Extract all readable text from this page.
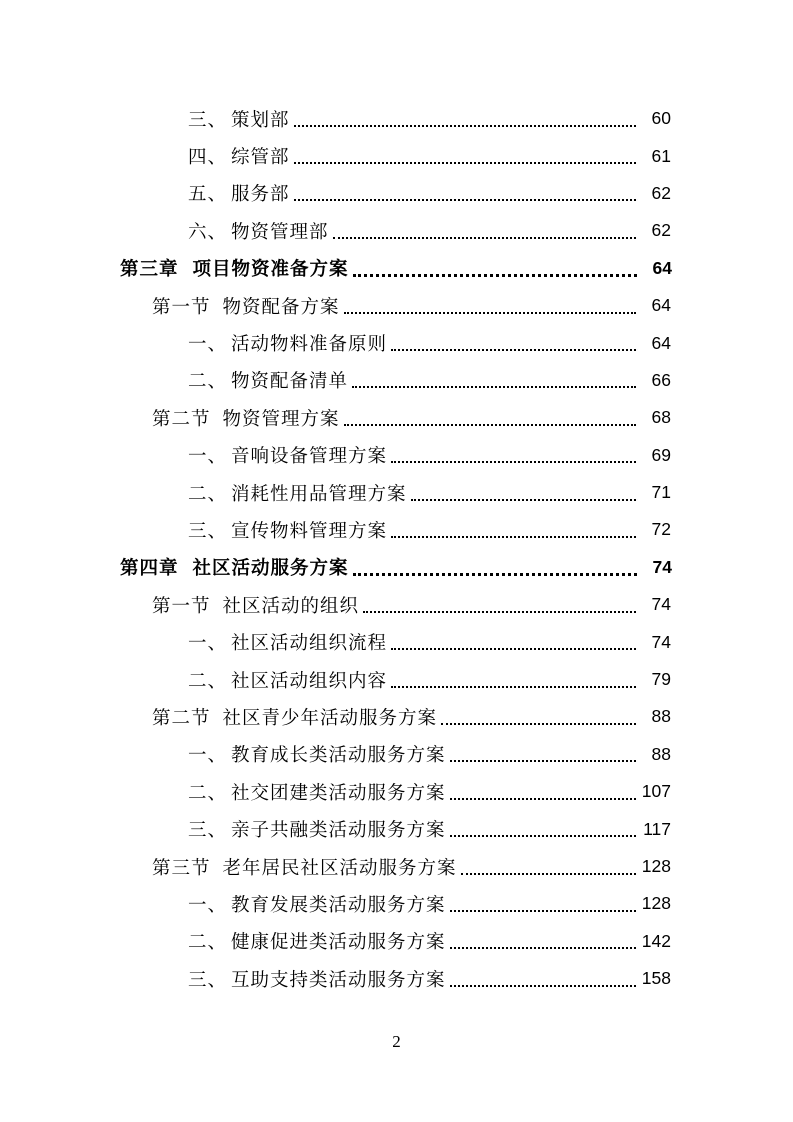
三、 策划部	60
四、 综管部	61
五、 服务部	62
六、 物资管理部	62
第三章 项目物资准备方案	64
第一节 物资配备方案	64
一、 活动物料准备原则	64
二、 物资配备清单	66
第二节 物资管理方案	68
一、 音响设备管理方案	69
二、 消耗性用品管理方案	71
三、 宣传物料管理方案	72
第四章 社区活动服务方案	74
第一节 社区活动的组织	74
一、 社区活动组织流程	74
二、 社区活动组织内容	79
第二节 社区青少年活动服务方案	88
一、 教育成长类活动服务方案	88
二、 社交团建类活动服务方案	107
三、 亲子共融类活动服务方案	117
第三节 老年居民社区活动服务方案	128
一、 教育发展类活动服务方案	128
二、 健康促进类活动服务方案	142
三、 互助支持类活动服务方案	158
2
